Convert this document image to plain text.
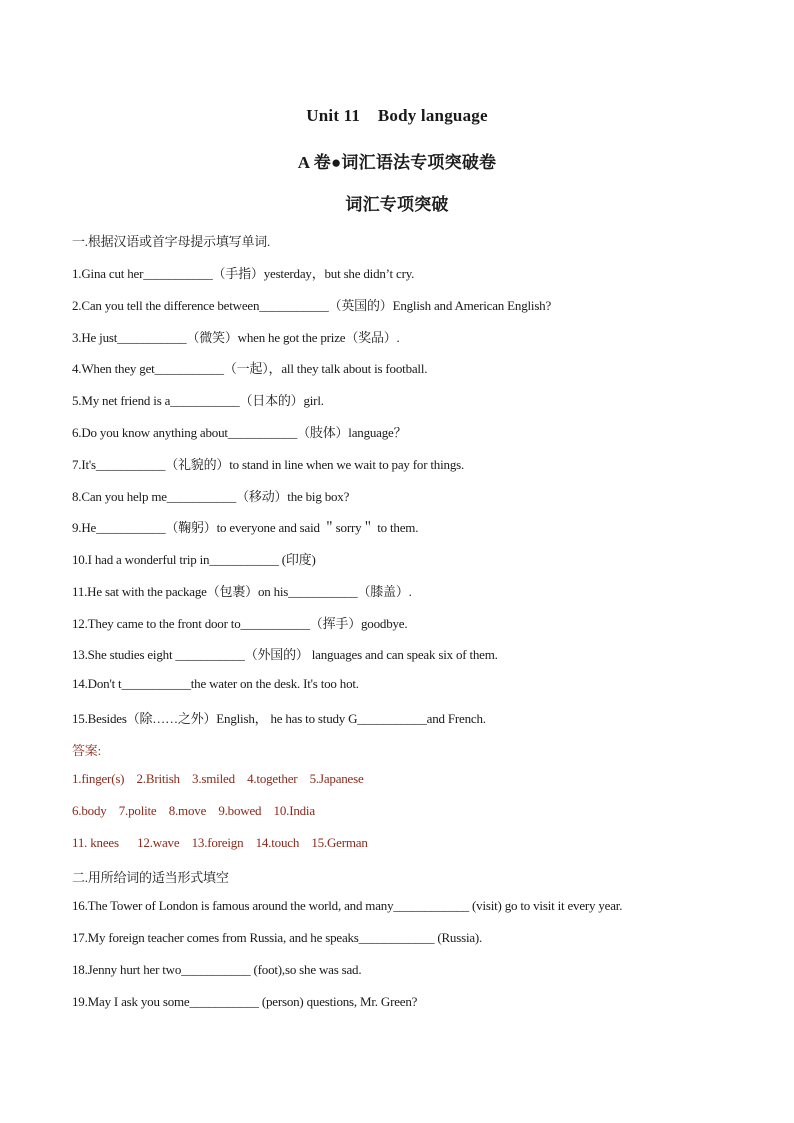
Unit 11    Body language
A 卷●词汇语法专项突破卷
词汇专项突破
一.根据汉语或首字母提示填写单词.
1.Gina cut her___________（手指）yesterday，but she didn’t cry.
2.Can you tell the difference between___________（英国的）English and American English?
3.He just___________（微笑）when he got the prize（奖品）.
4.When they get___________（一起），all they talk about is football.
5.My net friend is a___________（日本的）girl.
6.Do you know anything about___________（肢体）language？
7.It's___________（礼貌的）to stand in line when we wait to pay for things.
8.Can you help me___________（移动）the big box?
9.He___________（鞠躬）to everyone and said ＂sorry＂ to them.
10.I had a wonderful trip in___________ (印度)
11.He sat with the package（包裹）on his___________（膝盖）.
12.They came to the front door to___________（挥手）goodbye.
13.She studies eight ___________（外国的） languages and can speak six of them.
14.Don't t___________the water on the desk. It's too hot.
15.Besides（除……之外）English， he has to study G___________and French.
答案:
1.finger(s)    2.British    3.smiled    4.together    5.Japanese
6.body    7.polite    8.move    9.bowed    10.India
11. knees      12.wave    13.foreign    14.touch    15.German
二.用所给词的适当形式填空
16.The Tower of London is famous around the world, and many____________ (visit) go to visit it every year.
17.My foreign teacher comes from Russia, and he speaks____________ (Russia).
18.Jenny hurt her two___________ (foot),so she was sad.
19.May I ask you some___________ (person) questions, Mr. Green?
